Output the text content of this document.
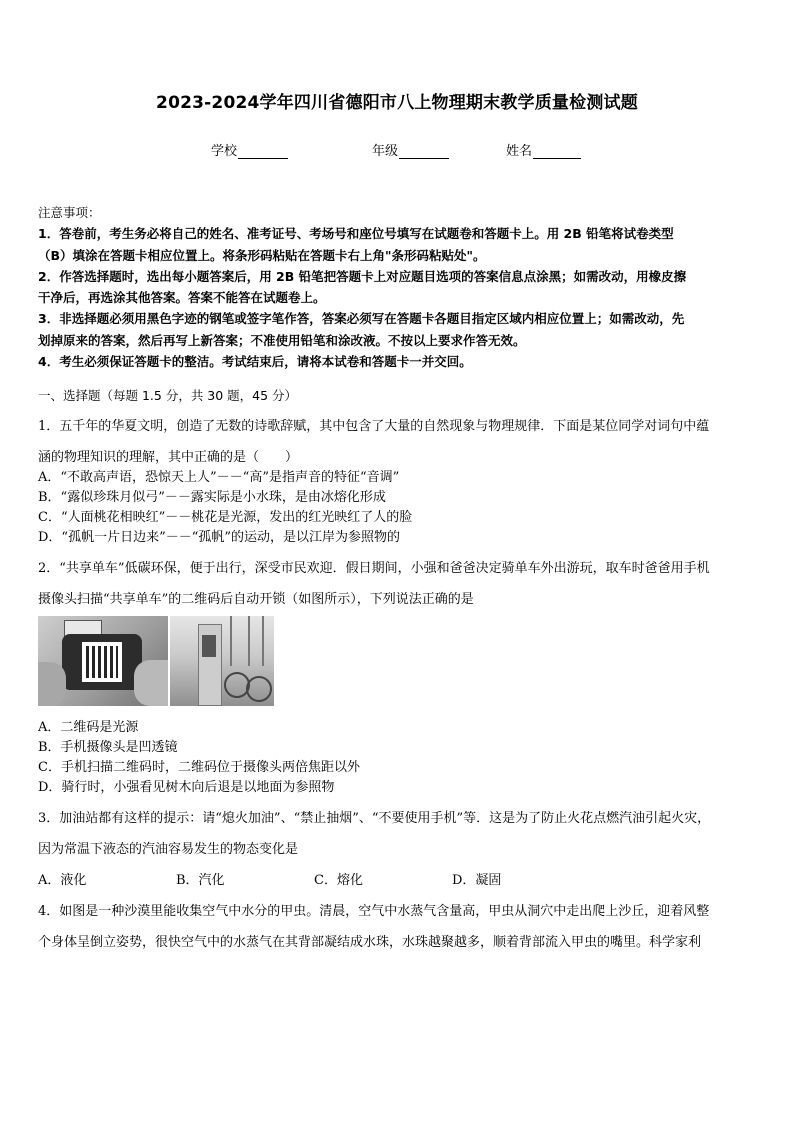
2023-2024学年四川省德阳市八上物理期末教学质量检测试题
学校	年级	姓名

注意事项：

1．答卷前，考生务必将自己的姓名、准考证号、考场号和座位号填写在试题卷和答题卡上。用 2B 铅笔将试卷类型

（B）填涂在答题卡相应位置上。将条形码粘贴在答题卡右上角"条形码粘贴处"。

2．作答选择题时，选出每小题答案后，用 2B 铅笔把答题卡上对应题目选项的答案信息点涂黑；如需改动，用橡皮擦

干净后，再选涂其他答案。答案不能答在试题卷上。

3．非选择题必须用黑色字迹的钢笔或签字笔作答，答案必须写在答题卡各题目指定区域内相应位置上；如需改动，先

划掉原来的答案，然后再写上新答案；不准使用铅笔和涂改液。不按以上要求作答无效。

4．考生必须保证答题卡的整洁。考试结束后，请将本试卷和答题卡一并交回。

一、选择题（每题 1.5 分，共 30 题，45 分）

1．五千年的华夏文明，创造了无数的诗歌辞赋，其中包含了大量的自然现象与物理规律．下面是某位同学对词句中蕴
涵的物理知识的理解，其中正确的是（　　）

A．“不敢高声语，恐惊天上人”－－“高”是指声音的特征“音调”

B．“露似珍珠月似弓”－－露实际是小水珠，是由冰熔化形成

C．“人面桃花相映红”－－桃花是光源，发出的红光映红了人的脸

D．“孤帆一片日边来”－－“孤帆”的运动，是以江岸为参照物的

2．“共享单车”低碳环保，便于出行，深受市民欢迎．假日期间，小强和爸爸决定骑单车外出游玩，取车时爸爸用手机
摄像头扫描“共享单车”的二维码后自动开锁（如图所示），下列说法正确的是

A．二维码是光源

B．手机摄像头是凹透镜

C．手机扫描二维码时，二维码位于摄像头两倍焦距以外

D．骑行时，小强看见树木向后退是以地面为参照物

3．加油站都有这样的提示：请“熄火加油”、“禁止抽烟”、“不要使用手机”等．这是为了防止火花点燃汽油引起火灾，
因为常温下液态的汽油容易发生的物态变化是
A．液化	B．汽化	C．熔化	D．凝固
4．如图是一种沙漠里能收集空气中水分的甲虫。清晨，空气中水蒸气含量高，甲虫从洞穴中走出爬上沙丘，迎着风整
个身体呈倒立姿势，很快空气中的水蒸气在其背部凝结成水珠，水珠越聚越多，顺着背部流入甲虫的嘴里。科学家利
